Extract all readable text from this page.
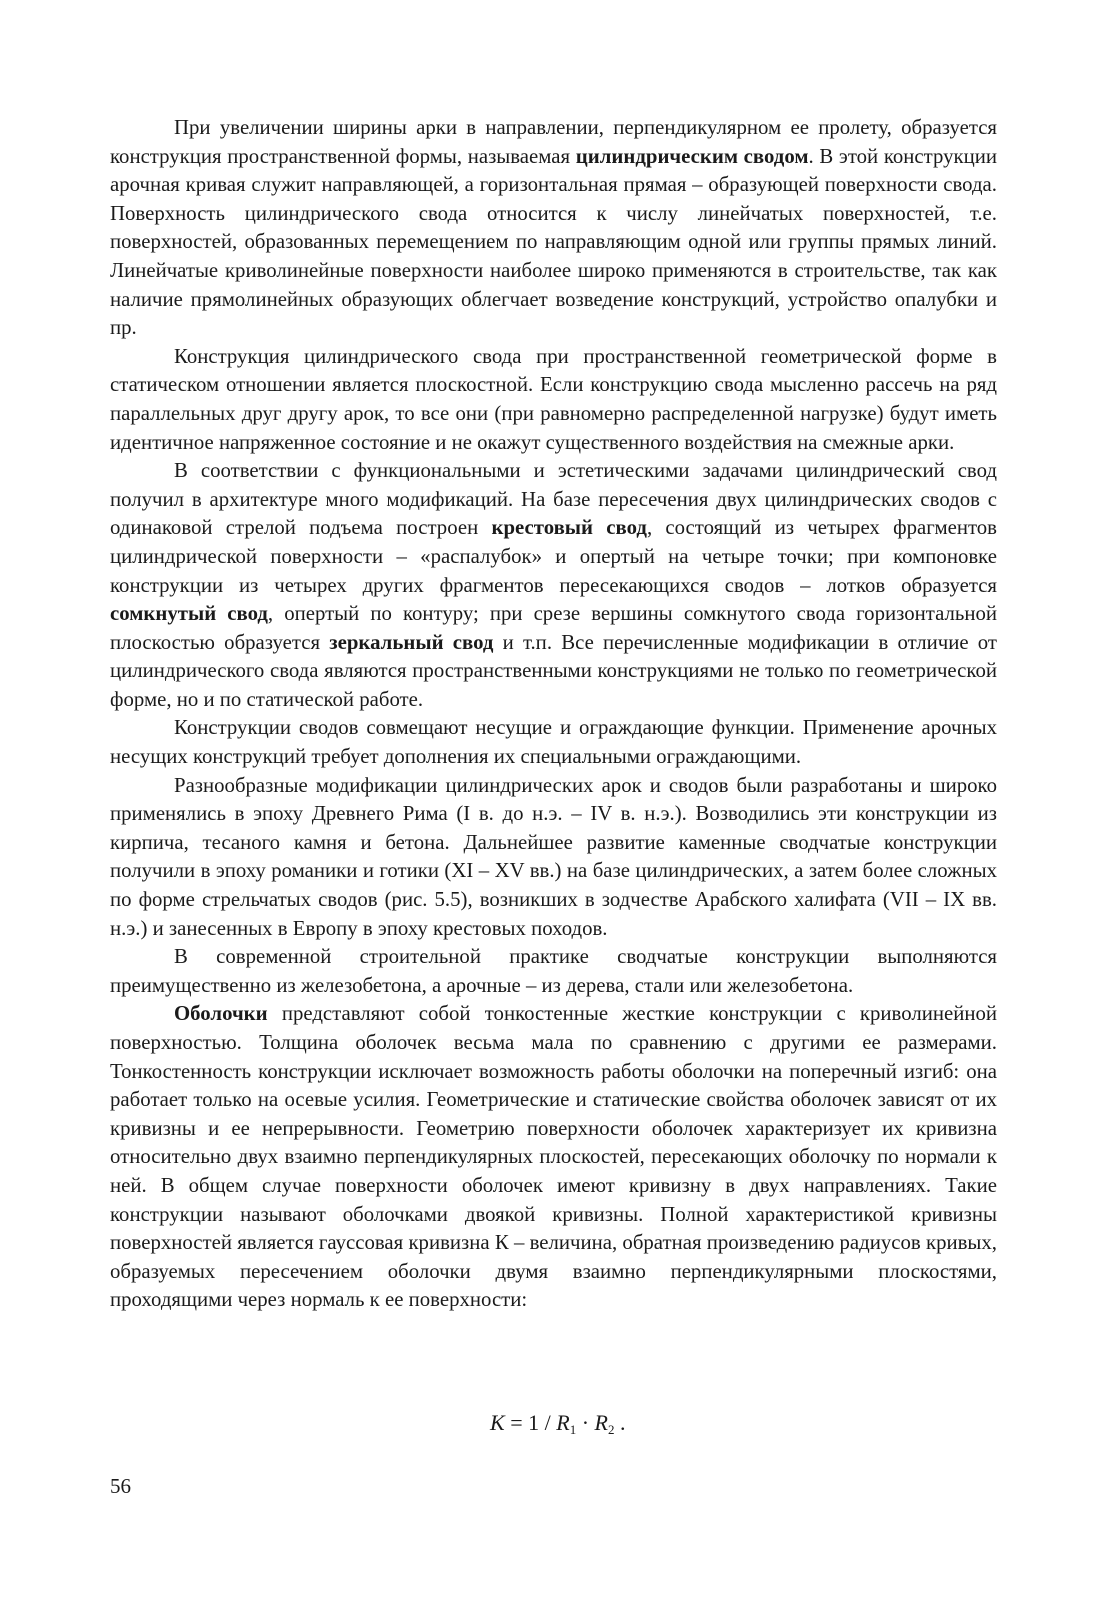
При увеличении ширины арки в направлении, перпендикулярном ее пролету, образуется конструкция пространственной формы, называемая цилиндрическим сводом. В этой конструкции арочная кривая служит направляющей, а горизонтальная прямая – образующей поверхности свода. Поверхность цилиндрического свода относится к числу линейчатых поверхностей, т.е. поверхностей, образованных перемещением по направляющим одной или группы прямых линий. Линейчатые криволинейные поверхности наиболее широко применяются в строительстве, так как наличие прямолинейных образующих облегчает возведение конструкций, устройство опалубки и пр.

Конструкция цилиндрического свода при пространственной геометрической форме в статическом отношении является плоскостной. Если конструкцию свода мысленно рассечь на ряд параллельных друг другу арок, то все они (при равномерно распределенной нагрузке) будут иметь идентичное напряженное состояние и не окажут существенного воздействия на смежные арки.

В соответствии с функциональными и эстетическими задачами цилиндрический свод получил в архитектуре много модификаций. На базе пересечения двух цилиндрических сводов с одинаковой стрелой подъема построен крестовый свод, состоящий из четырех фрагментов цилиндрической поверхности – «распалубок» и опертый на четыре точки; при компоновке конструкции из четырех других фрагментов пересекающихся сводов – лотков образуется сомкнутый свод, опертый по контуру; при срезе вершины сомкнутого свода горизонтальной плоскостью образуется зеркальный свод и т.п. Все перечисленные модификации в отличие от цилиндрического свода являются пространственными конструкциями не только по геометрической форме, но и по статической работе.

Конструкции сводов совмещают несущие и ограждающие функции. Применение арочных несущих конструкций требует дополнения их специальными ограждающими.

Разнообразные модификации цилиндрических арок и сводов были разработаны и широко применялись в эпоху Древнего Рима (I в. до н.э. – IV в. н.э.). Возводились эти конструкции из кирпича, тесаного камня и бетона. Дальнейшее развитие каменные сводчатые конструкции получили в эпоху романики и готики (XI – XV вв.) на базе цилиндрических, а затем более сложных по форме стрельчатых сводов (рис. 5.5), возникших в зодчестве Арабского халифата (VII – IX вв. н.э.) и занесенных в Европу в эпоху крестовых походов.

В современной строительной практике сводчатые конструкции выполняются преимущественно из железобетона, а арочные – из дерева, стали или железобетона.

Оболочки представляют собой тонкостенные жесткие конструкции с криволинейной поверхностью. Толщина оболочек весьма мала по сравнению с другими ее размерами. Тонкостенность конструкции исключает возможность работы оболочки на поперечный изгиб: она работает только на осевые усилия. Геометрические и статические свойства оболочек зависят от их кривизны и ее непрерывности. Геометрию поверхности оболочек характеризует их кривизна относительно двух взаимно перпендикулярных плоскостей, пересекающих оболочку по нормали к ней. В общем случае поверхности оболочек имеют кривизну в двух направлениях. Такие конструкции называют оболочками двоякой кривизны. Полной характеристикой кривизны поверхностей является гауссовая кривизна К – величина, обратная произведению радиусов кривых, образуемых пересечением оболочки двумя взаимно перпендикулярными плоскостями, проходящими через нормаль к ее поверхности:

$K = 1 / R_1 \cdot R_2$ .
56
